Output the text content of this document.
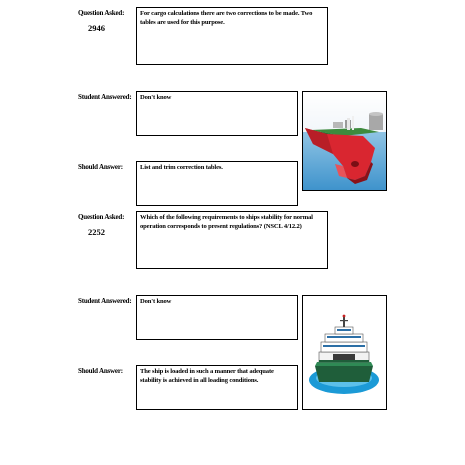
Question Asked:
2946
For cargo calculations there are two corrections to be made. Two tables are used for this purpose.
Student Answered:	Don't know
Should Answer:	List and trim correction tables.
Question Asked:
2252
Which of the following requirements to ships stability for normal operation corresponds to present regulations? (NSCL 4/12.2)
Student Answered:	Don't know
Should Answer:	The ship is loaded in such a manner that adequate stability is achieved in all loading conditions.
